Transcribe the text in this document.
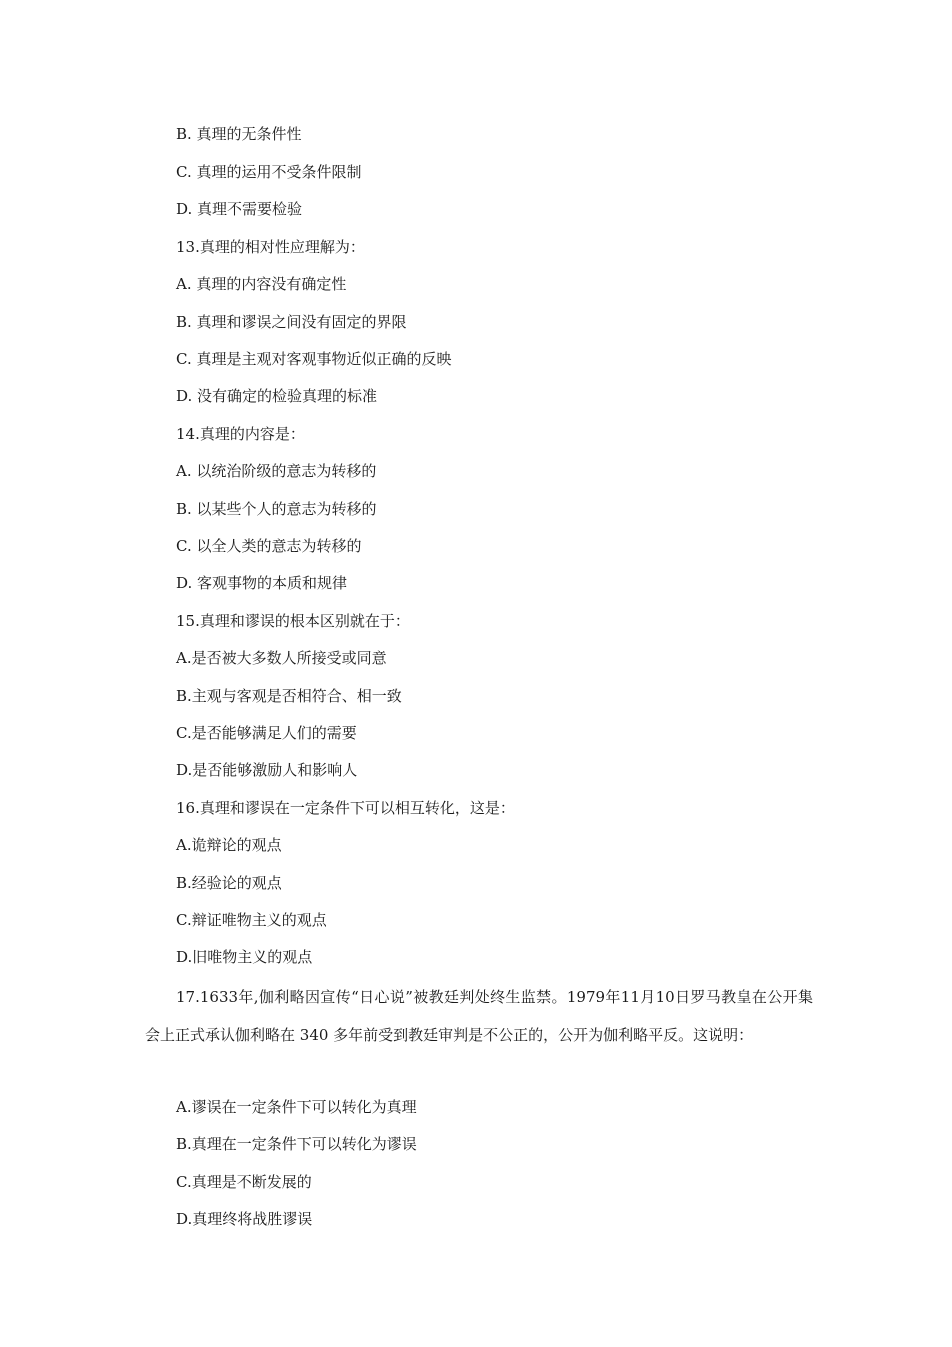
B. 真理的无条件性
C. 真理的运用不受条件限制
D. 真理不需要检验
13.真理的相对性应理解为：
A. 真理的内容没有确定性
B. 真理和谬误之间没有固定的界限
C. 真理是主观对客观事物近似正确的反映
D. 没有确定的检验真理的标准
14.真理的内容是：
A. 以统治阶级的意志为转移的
B. 以某些个人的意志为转移的
C. 以全人类的意志为转移的
D. 客观事物的本质和规律
15.真理和谬误的根本区别就在于：
A.是否被大多数人所接受或同意
B.主观与客观是否相符合、相一致
C.是否能够满足人们的需要
D.是否能够激励人和影响人
16.真理和谬误在一定条件下可以相互转化，这是：
A.诡辩论的观点
B.经验论的观点
C.辩证唯物主义的观点
D.旧唯物主义的观点
17.1633年,伽利略因宣传“日心说”被教廷判处终生监禁。1979年11月10日罗马教皇在公开集会上正式承认伽利略在 340 多年前受到教廷审判是不公正的，公开为伽利略平反。这说明：
A.谬误在一定条件下可以转化为真理
B.真理在一定条件下可以转化为谬误
C.真理是不断发展的
D.真理终将战胜谬误
